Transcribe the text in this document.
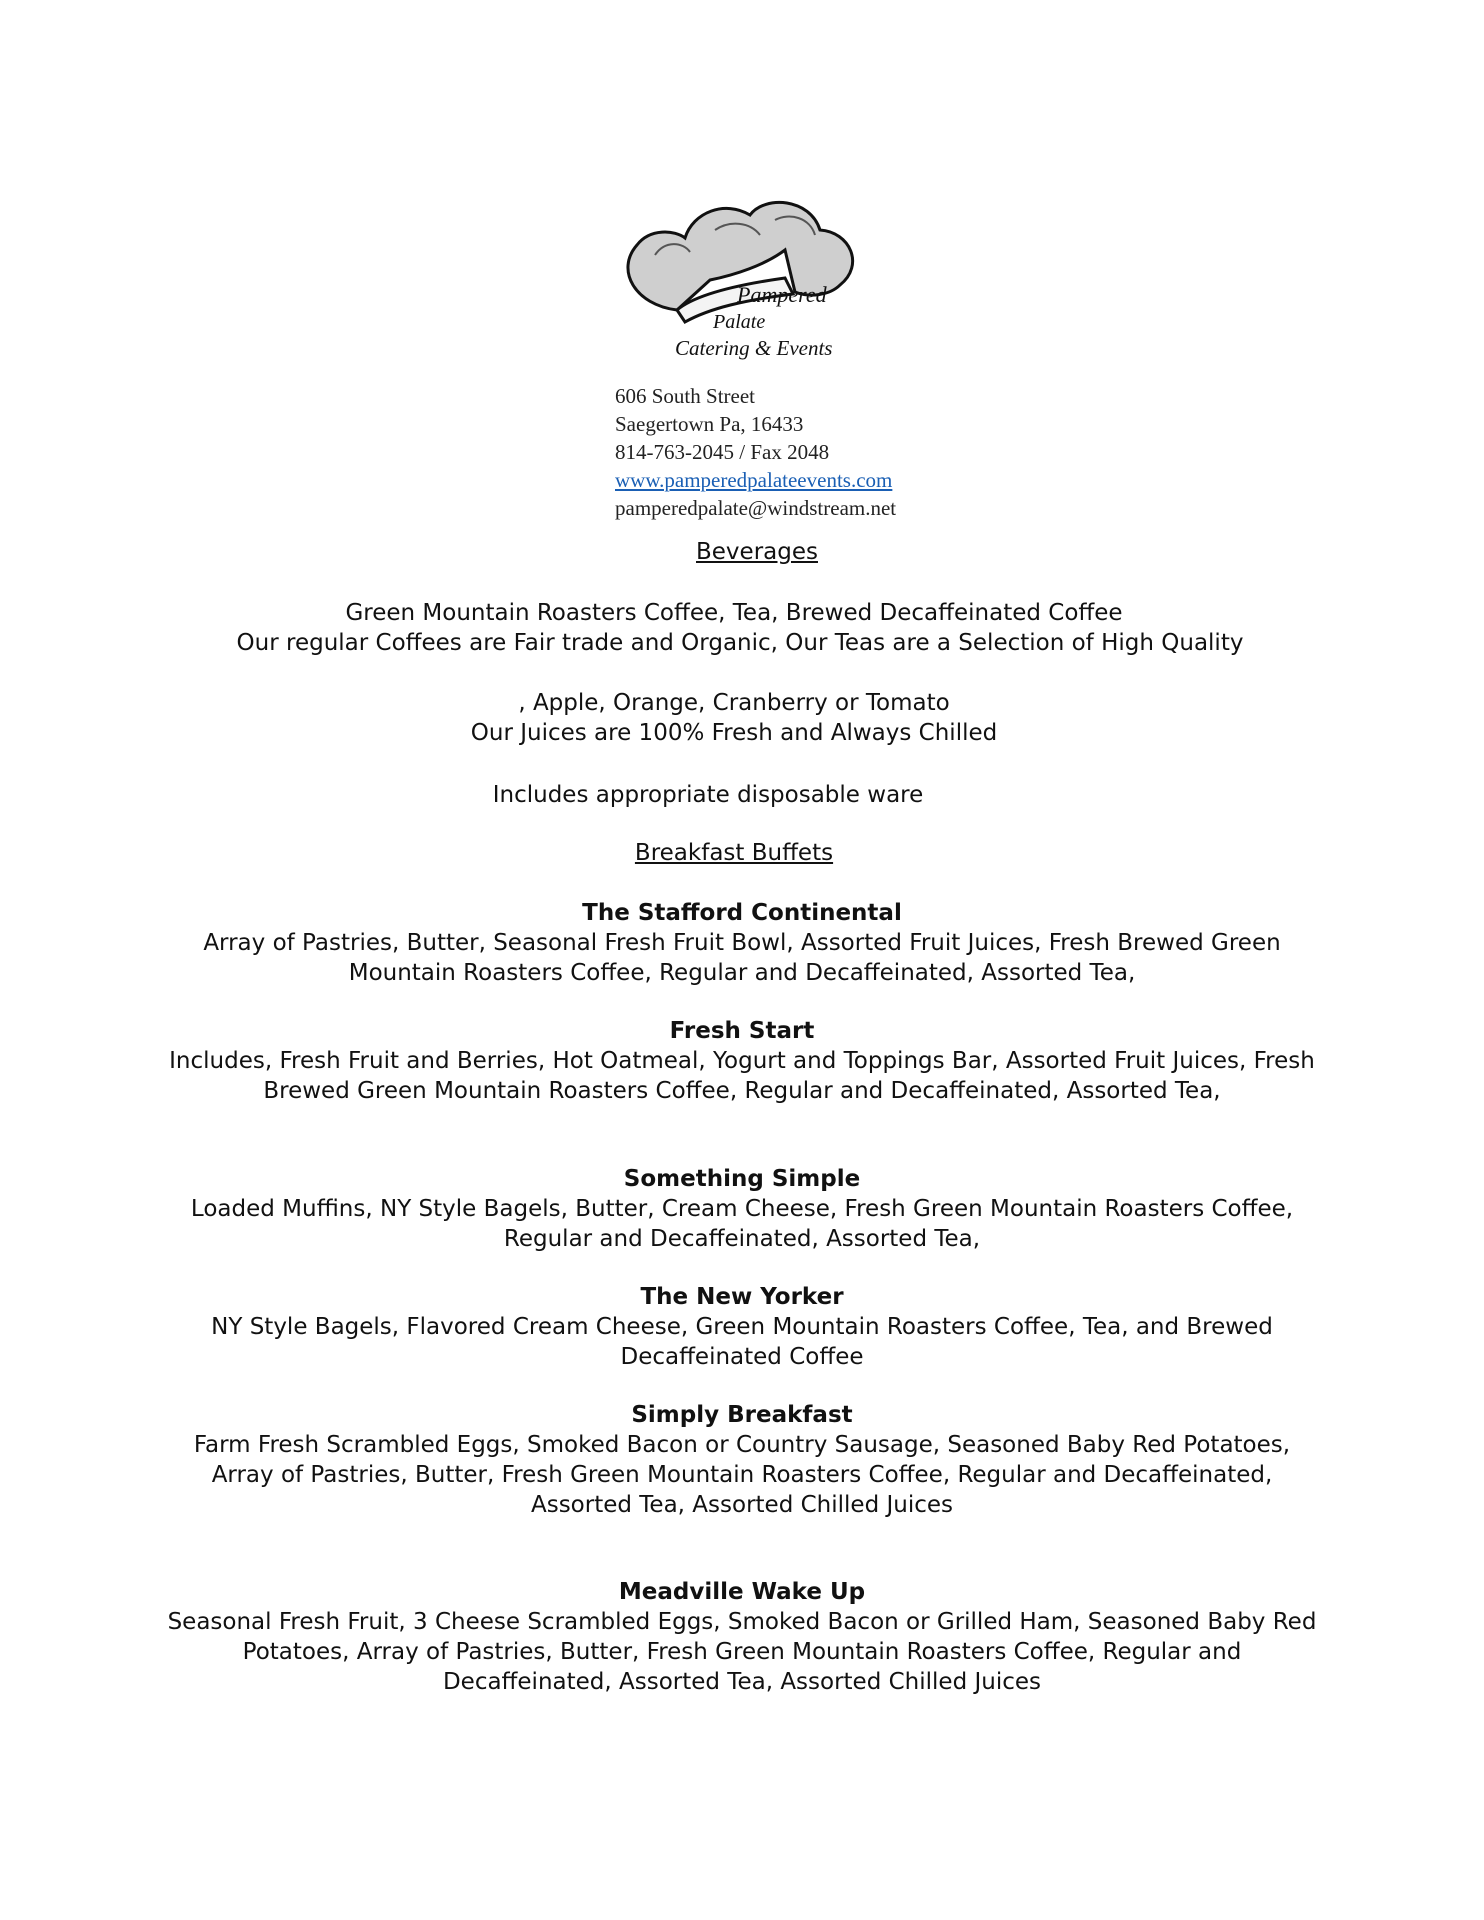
Pampered
Palate
Catering & Events
606 South Street
Saegertown Pa, 16433
814-763-2045 / Fax 2048
www.pamperedpalateevents.com
pamperedpalate@windstream.net
Beverages
Green Mountain Roasters Coffee, Tea, Brewed Decaffeinated Coffee
Our regular Coffees are Fair trade and Organic, Our Teas are a Selection of High Quality
, Apple, Orange, Cranberry or Tomato
Our Juices are 100% Fresh and Always Chilled
Includes appropriate disposable ware
Breakfast Buffets
The Stafford Continental
Array of Pastries, Butter, Seasonal Fresh Fruit Bowl, Assorted Fruit Juices, Fresh Brewed Green Mountain Roasters Coffee, Regular and Decaffeinated, Assorted Tea,
Fresh Start
Includes, Fresh Fruit and Berries, Hot Oatmeal, Yogurt and Toppings Bar, Assorted Fruit Juices, Fresh Brewed Green Mountain Roasters Coffee, Regular and Decaffeinated, Assorted Tea,
Something Simple
Loaded Muffins, NY Style Bagels, Butter, Cream Cheese, Fresh Green Mountain Roasters Coffee, Regular and Decaffeinated, Assorted Tea,
The New Yorker
NY Style Bagels, Flavored Cream Cheese, Green Mountain Roasters Coffee, Tea, and Brewed Decaffeinated Coffee
Simply Breakfast
Farm Fresh Scrambled Eggs, Smoked Bacon or Country Sausage, Seasoned Baby Red Potatoes, Array of Pastries, Butter, Fresh Green Mountain Roasters Coffee, Regular and Decaffeinated, Assorted Tea, Assorted Chilled Juices
Meadville Wake Up
Seasonal Fresh Fruit, 3 Cheese Scrambled Eggs, Smoked Bacon or Grilled Ham, Seasoned Baby Red Potatoes, Array of Pastries, Butter, Fresh Green Mountain Roasters Coffee, Regular and Decaffeinated, Assorted Tea, Assorted Chilled Juices
